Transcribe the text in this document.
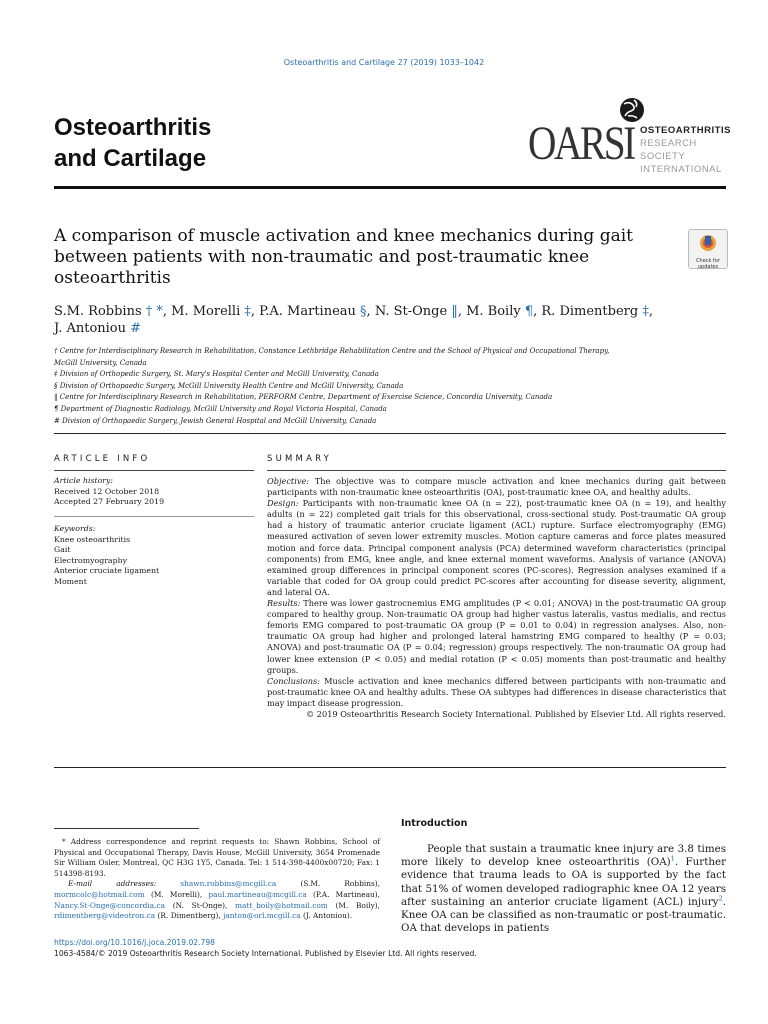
Osteoarthritis and Cartilage 27 (2019) 1033–1042
Osteoarthritis
and Cartilage	OARSI OSTEOARTHRITIS
RESEARCH SOCIETY
INTERNATIONAL
A comparison of muscle activation and knee mechanics during gait between patients with non-traumatic and post-traumatic knee osteoarthritis
Check for
updates
S.M. Robbins † *, M. Morelli ‡, P.A. Martineau §, N. St-Onge ‖, M. Boily ¶, R. Dimentberg ‡,
J. Antoniou #
† Centre for Interdisciplinary Research in Rehabilitation, Constance Lethbridge Rehabilitation Centre and the School of Physical and Occupational Therapy,
McGill University, Canada
‡ Division of Orthopedic Surgery, St. Mary's Hospital Center and McGill University, Canada
§ Division of Orthopaedic Surgery, McGill University Health Centre and McGill University, Canada
‖ Centre for Interdisciplinary Research in Rehabilitation, PERFORM Centre, Department of Exercise Science, Concordia University, Canada
¶ Department of Diagnostic Radiology, McGill University and Royal Victoria Hospital, Canada
# Division of Orthopaedic Surgery, Jewish General Hospital and McGill University, Canada
ARTICLE INFO
Article history:
Received 12 October 2018
Accepted 27 February 2019
Keywords:
Knee osteoarthritis
Gait
Electromyography
Anterior cruciate ligament
Moment
SUMMARY

Objective: The objective was to compare muscle activation and knee mechanics during gait between participants with non-traumatic knee osteoarthritis (OA), post-traumatic knee OA, and healthy adults.

Design: Participants with non-traumatic knee OA (n = 22), post-traumatic knee OA (n = 19), and healthy adults (n = 22) completed gait trials for this observational, cross-sectional study. Post-traumatic OA group had a history of traumatic anterior cruciate ligament (ACL) rupture. Surface electromyography (EMG) measured activation of seven lower extremity muscles. Motion capture cameras and force plates measured motion and force data. Principal component analysis (PCA) determined waveform characteristics (principal components) from EMG, knee angle, and knee external moment waveforms. Analysis of variance (ANOVA) examined group differences in principal component scores (PC-scores). Regression analyses examined if a variable that coded for OA group could predict PC-scores after accounting for disease severity, alignment, and lateral OA.

Results: There was lower gastrocnemius EMG amplitudes (P < 0.01; ANOVA) in the post-traumatic OA group compared to healthy group. Non-traumatic OA group had higher vastus lateralis, vastus medialis, and rectus femoris EMG compared to post-traumatic OA group (P = 0.01 to 0.04) in regression analyses. Also, non-traumatic OA group had higher and prolonged lateral hamstring EMG compared to healthy (P = 0.03; ANOVA) and post-traumatic OA (P = 0.04; regression) groups respectively. The non-traumatic OA group had lower knee extension (P < 0.05) and medial rotation (P < 0.05) moments than post-traumatic and healthy groups.

Conclusions: Muscle activation and knee mechanics differed between participants with non-traumatic and post-traumatic knee OA and healthy adults. These OA subtypes had differences in disease characteristics that may impact disease progression.

© 2019 Osteoarthritis Research Society International. Published by Elsevier Ltd. All rights reserved.

* Address correspondence and reprint requests to: Shawn Robbins, School of Physical and Occupational Therapy, Davis House, McGill University, 3654 Promenade Sir William Osler, Montreal, QC H3G 1Y5, Canada. Tel: 1 514-398-4400x00720; Fax: 1 514398-8193.
E-mail addresses: shawn.robbins@mcgill.ca (S.M. Robbins), mormcolc@hotmail.com (M. Morelli), paul.martineau@mcgill.ca (P.A. Martineau), Nancy.St-Onge@concordia.ca (N. St-Onge), matt_boily@hotmail.com (M. Boily), rdimentberg@videotron.ca (R. Dimentberg), janton@orl.mcgill.ca (J. Antoniou).
https://doi.org/10.1016/j.joca.2019.02.798
1063-4584/© 2019 Osteoarthritis Research Society International. Published by Elsevier Ltd. All rights reserved.
Introduction
People that sustain a traumatic knee injury are 3.8 times more likely to develop knee osteoarthritis (OA)$^1$. Further evidence that trauma leads to OA is supported by the fact that 51% of women developed radiographic knee OA 12 years after sustaining an anterior cruciate ligament (ACL) injury$^2$. Knee OA can be classified as non-traumatic or post-traumatic. OA that develops in patients
